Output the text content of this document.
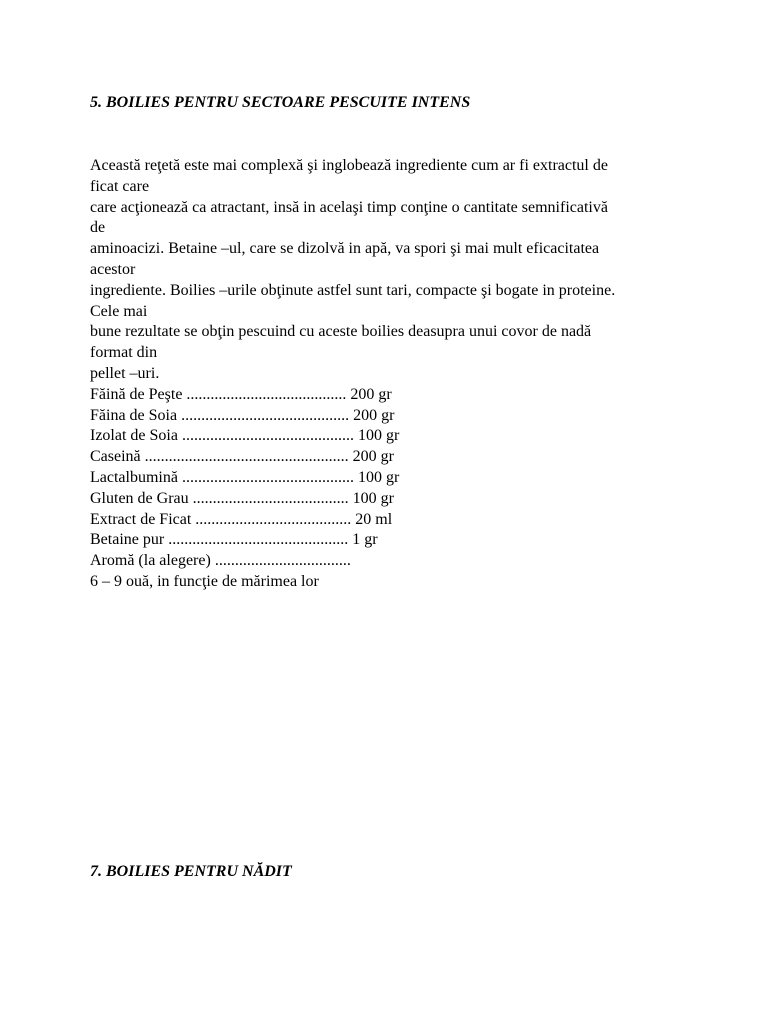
5. BOILIES PENTRU SECTOARE PESCUITE INTENS
Această reţetă este mai complexă şi inglobează ingrediente cum ar fi extractul de
ficat care
care acţionează ca atractant, insă in acelaşi timp conţine o cantitate semnificativă
de
aminoacizi. Betaine –ul, care se dizolvă in apă, va spori şi mai mult eficacitatea
acestor
ingrediente. Boilies –urile obţinute astfel sunt tari, compacte şi bogate in proteine.
Cele mai
bune rezultate se obţin pescuind cu aceste boilies deasupra unui covor de nadă
format din
pellet –uri.
Făină de Peşte ........................................ 200 gr
Făina de Soia .......................................... 200 gr
Izolat de Soia ........................................... 100 gr
Caseină ................................................... 200 gr
Lactalbumină ........................................... 100 gr
Gluten de Grau ....................................... 100 gr
Extract de Ficat ....................................... 20 ml
Betaine pur ............................................. 1 gr
Aromă (la alegere) ..................................
6 – 9 ouă, in funcţie de mărimea lor
7. BOILIES PENTRU NĂDIT
